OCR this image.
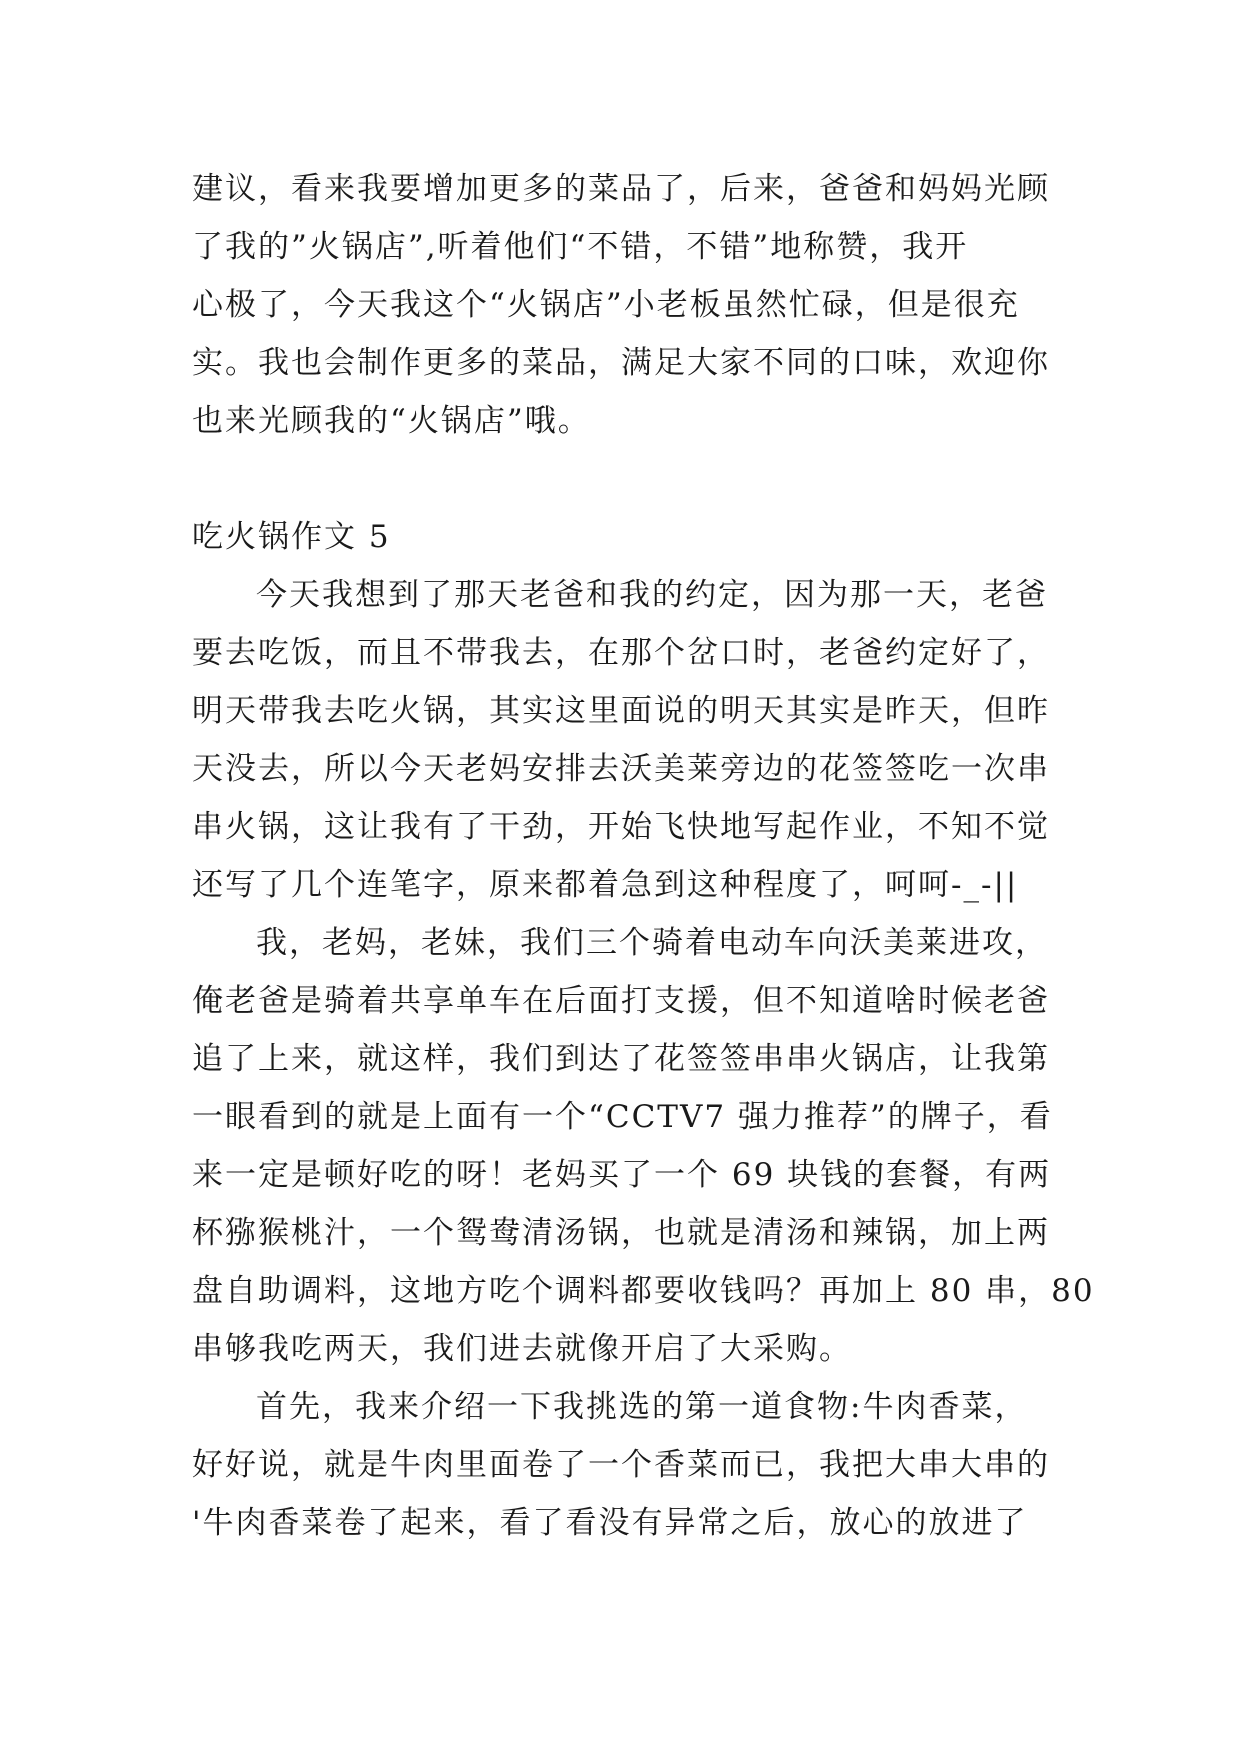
建议，看来我要增加更多的菜品了，后来，爸爸和妈妈光顾
了我的”火锅店”,听着他们“不错，不错”地称赞，我开
心极了，今天我这个“火锅店”小老板虽然忙碌，但是很充
实。我也会制作更多的菜品，满足大家不同的口味，欢迎你
也来光顾我的“火锅店”哦。
吃火锅作文 5
今天我想到了那天老爸和我的约定，因为那一天，老爸
要去吃饭，而且不带我去，在那个岔口时，老爸约定好了，
明天带我去吃火锅，其实这里面说的明天其实是昨天，但昨
天没去，所以今天老妈安排去沃美莱旁边的花签签吃一次串
串火锅，这让我有了干劲，开始飞快地写起作业，不知不觉
还写了几个连笔字，原来都着急到这种程度了，呵呵-_-||
我，老妈，老妹，我们三个骑着电动车向沃美莱进攻，
俺老爸是骑着共享单车在后面打支援，但不知道啥时候老爸
追了上来，就这样，我们到达了花签签串串火锅店，让我第
一眼看到的就是上面有一个“CCTV7 强力推荐”的牌子，看
来一定是顿好吃的呀！老妈买了一个 69 块钱的套餐，有两
杯猕猴桃汁，一个鸳鸯清汤锅，也就是清汤和辣锅，加上两
盘自助调料，这地方吃个调料都要收钱吗？再加上 80 串，80
串够我吃两天，我们进去就像开启了大采购。
首先，我来介绍一下我挑选的第一道食物:牛肉香菜，
好好说，就是牛肉里面卷了一个香菜而已，我把大串大串的
'牛肉香菜卷了起来，看了看没有异常之后，放心的放进了
